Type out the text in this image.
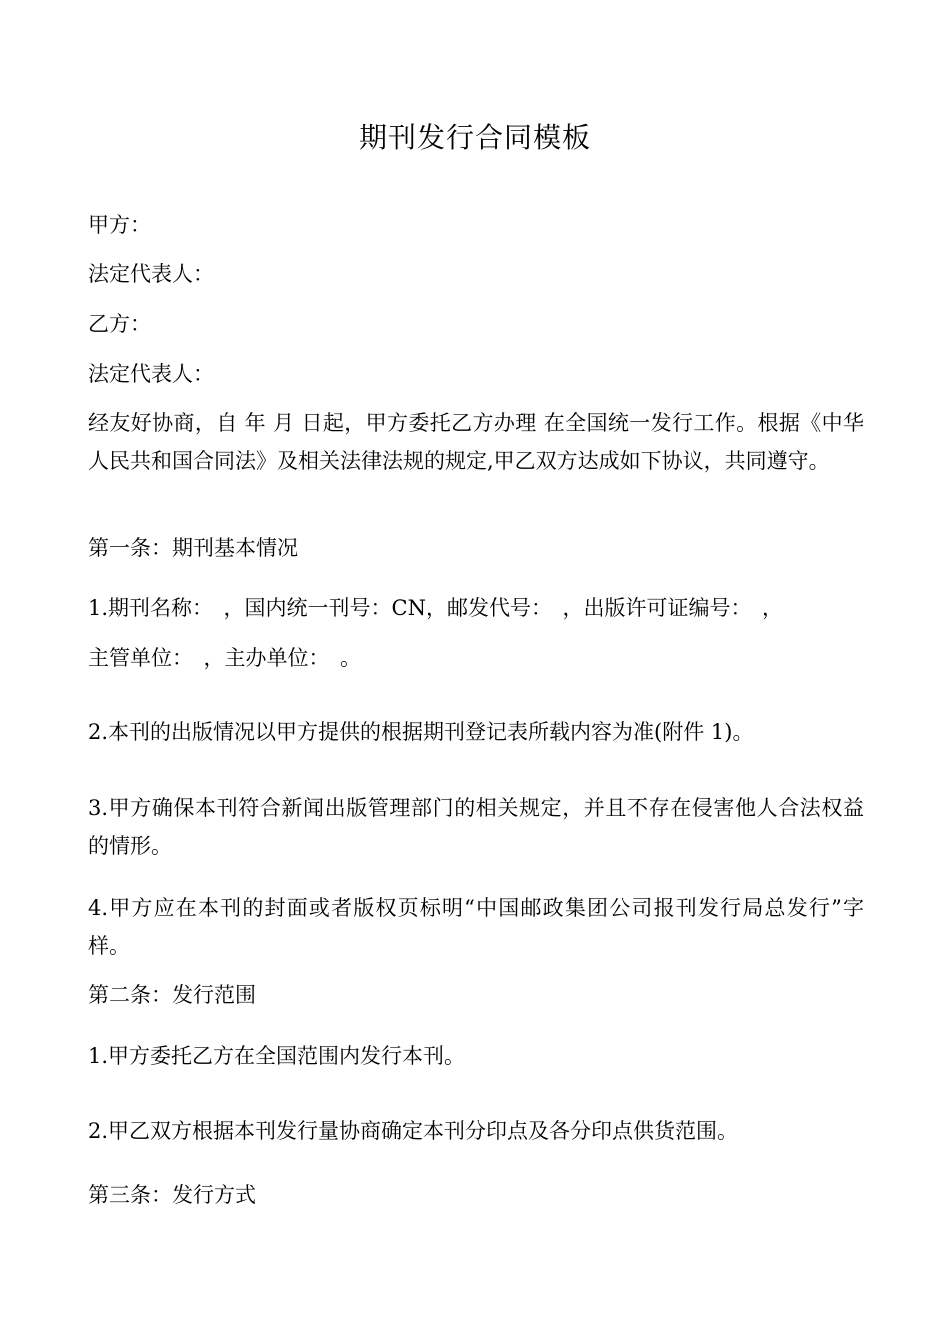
期刊发行合同模板
甲方：
法定代表人：
乙方：
法定代表人：
经友好协商，自 年 月 日起，甲方委托乙方办理 在全国统一发行工作。根据《中华人民共和国合同法》及相关法律法规的规定,甲乙双方达成如下协议，共同遵守。
第一条：期刊基本情况
1.期刊名称：　，国内统一刊号：CN，邮发代号：　，出版许可证编号：　，
主管单位：　，主办单位：　。
2.本刊的出版情况以甲方提供的根据期刊登记表所载内容为准(附件 1)。
3.甲方确保本刊符合新闻出版管理部门的相关规定，并且不存在侵害他人合法权益的情形。
4.甲方应在本刊的封面或者版权页标明“中国邮政集团公司报刊发行局总发行”字样。
第二条：发行范围
1.甲方委托乙方在全国范围内发行本刊。
2.甲乙双方根据本刊发行量协商确定本刊分印点及各分印点供货范围。
第三条：发行方式
